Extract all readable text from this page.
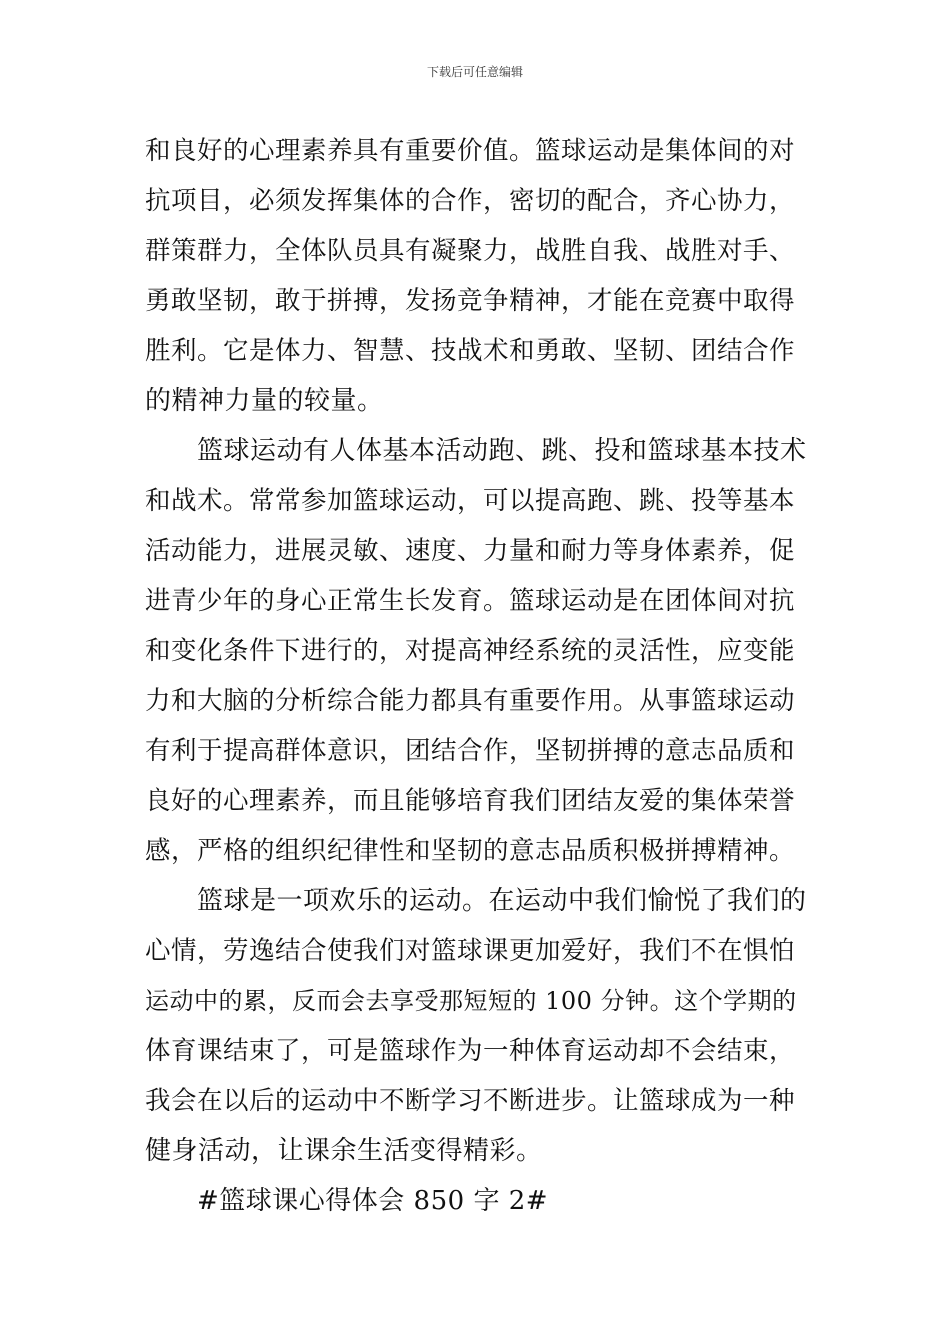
下载后可任意编辑
和良好的心理素养具有重要价值。篮球运动是集体间的对
抗项目，必须发挥集体的合作，密切的配合，齐心协力，
群策群力，全体队员具有凝聚力，战胜自我、战胜对手、
勇敢坚韧，敢于拼搏，发扬竞争精神，才能在竞赛中取得
胜利。它是体力、智慧、技战术和勇敢、坚韧、团结合作
的精神力量的较量。
篮球运动有人体基本活动跑、跳、投和篮球基本技术
和战术。常常参加篮球运动，可以提高跑、跳、投等基本
活动能力，进展灵敏、速度、力量和耐力等身体素养，促
进青少年的身心正常生长发育。篮球运动是在团体间对抗
和变化条件下进行的，对提高神经系统的灵活性，应变能
力和大脑的分析综合能力都具有重要作用。从事篮球运动
有利于提高群体意识，团结合作，坚韧拼搏的意志品质和
良好的心理素养，而且能够培育我们团结友爱的集体荣誉
感，严格的组织纪律性和坚韧的意志品质积极拼搏精神。
篮球是一项欢乐的运动。在运动中我们愉悦了我们的
心情，劳逸结合使我们对篮球课更加爱好，我们不在惧怕
运动中的累，反而会去享受那短短的 100 分钟。这个学期的
体育课结束了，可是篮球作为一种体育运动却不会结束，
我会在以后的运动中不断学习不断进步。让篮球成为一种
健身活动，让课余生活变得精彩。
#篮球课心得体会 850 字 2#
